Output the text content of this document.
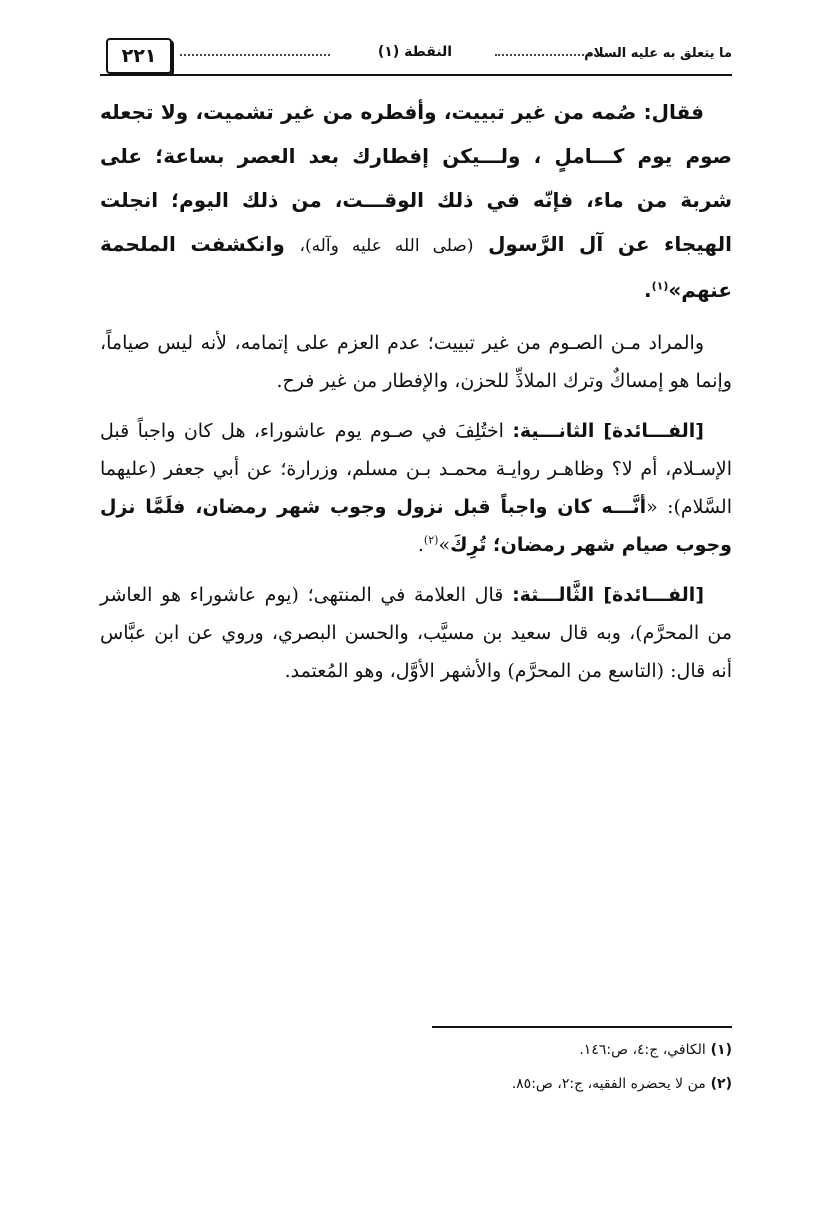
٢٢١	النقطة (١)	ما يتعلق به عليه السلام

فقال: صُمه من غير تبييت، وأفطره من غير تشميت، ولا تجعله صوم يوم كـــاملٍ ، ولـــيكن إفطارك بعد العصر بساعة؛ على شربة من ماء، فإنّه في ذلك الوقـــت، من ذلك اليوم؛ انجلت الهيجاء عن آل الرَّسول (صلى الله عليه وآله)، وانكشفت الملحمة عنهم»$^{(١)}$.

والمراد مـن الصـوم من غير تبييت؛ عدم العزم على إتمامه، لأنه ليس صياماً، وإنما هو إمساكٌ وترك الملاذِّ للحزن، والإفطار من غير فرح.

[الفـــائدة] الثانـــية: اختُلِفَ في صـوم يوم عاشوراء، هل كان واجباً قبل الإسـلام، أم لا؟ وظاهـر روايـة محمـد بـن مسلم، وزرارة؛ عن أبي جعفر (عليهما السَّلام): «أنَّـــه كان واجباً قبل نزول وجوب شهر رمضان، فلَمَّا نزل وجوب صيام شهر رمضان؛ تُرِكَ»$^{(٢)}$.

[الفـــائدة] الثَّالـــثة: قال العلامة في المنتهى؛ (يوم عاشوراء هو العاشر من المحرَّم)، وبه قال سعيد بن مسيَّب، والحسن البصري، وروي عن ابن عبَّاس أنه قال: (التاسع من المحرَّم) والأشهر الأوَّل، وهو المُعتمد.

(١) الكافي، ج:٤، ص:١٤٦.

(٢) من لا يحضره الفقيه، ج:٢، ص:٨٥.
